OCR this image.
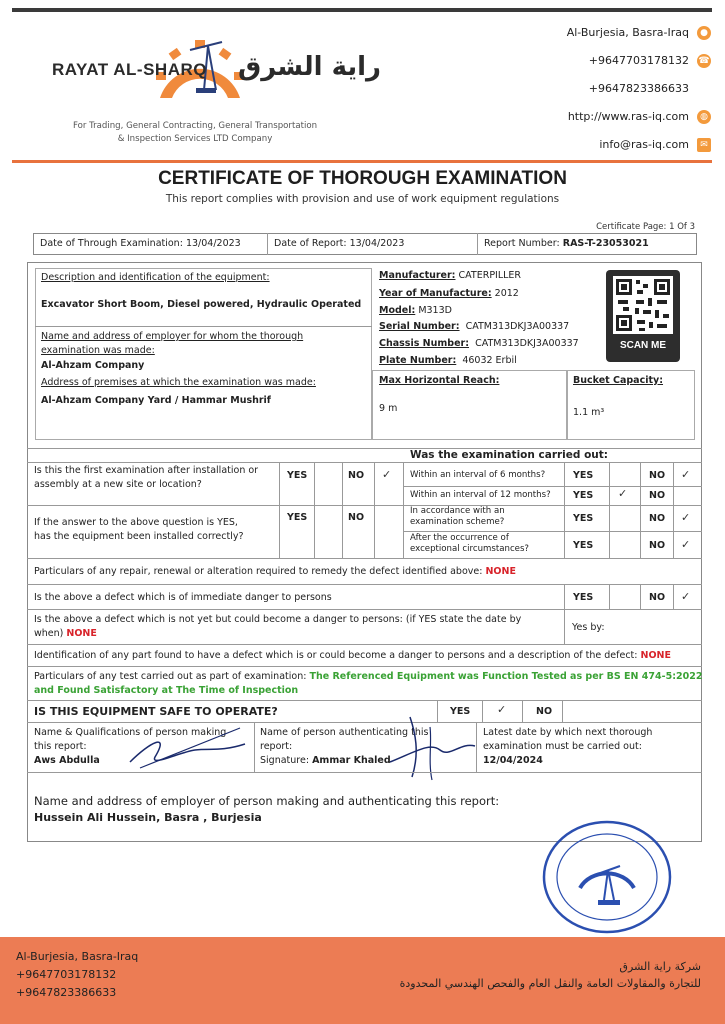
RAYAT AL-SHARQ راية الشرق
For Trading, General Contracting, General Transportation
& Inspection Services LTD Company
Al-Burjesia, Basra-Iraq ●
+9647703178132 ☎
+9647823386633
http://www.ras-iq.com ◍
info@ras-iq.com ✉
CERTIFICATE OF THOROUGH EXAMINATION
This report complies with provision and use of work equipment regulations
Certificate Page: 1 Of 3
Date of Through Examination: 13/04/2023	Date of Report: 13/04/2023	Report Number: RAS-T-23053021
Description and identification of the equipment:
Excavator Short Boom, Diesel powered, Hydraulic Operated
Name and address of employer for whom the thorough
examination was made:
Al-Ahzam Company
Address of premises at which the examination was made:
Al-Ahzam Company Yard / Hammar Mushrif
Manufacturer: CATERPILLER
Year of Manufacture: 2012
Model: M313D
Serial Number: CATM313DKJ3A00337
Chassis Number: CATM313DKJ3A00337
Plate Number: 46032 Erbil
Max Horizontal Reach:
9 m
Bucket Capacity:
1.1 m³
SCAN ME
Was the examination carried out:
Is this the first examination after installation or
assembly at a new site or location?
YES	NO ✓
If the answer to the above question is YES,
has the equipment been installed correctly?
YES	NO
Within an interval of 6 months?	YES	NO ✓
Within an interval of 12 months? YES ✓ NO
In accordance with an
examination scheme?	YES	NO ✓
After the occurrence of
exceptional circumstances?	YES	NO ✓
Particulars of any repair, renewal or alteration required to remedy the defect identified above: NONE
Is the above a defect which is of immediate danger to persons	YES	NO ✓
Is the above a defect which is not yet but could become a danger to persons: (if YES state the date by
when) NONE
Yes by:
Identification of any part found to have a defect which is or could become a danger to persons and a description of the defect: NONE
Particulars of any test carried out as part of examination: The Referenced Equipment was Function Tested as per BS EN 474-5:2022
and Found Satisfactory at The Time of Inspection
IS THIS EQUIPMENT SAFE TO OPERATE?	YES ✓	NO
Name & Qualifications of person making
this report:
Aws Abdulla
Name of person authenticating this
report:
Signature: Ammar Khaled
Latest date by which next thorough
examination must be carried out:
12/04/2024
Name and address of employer of person making and authenticating this report:
Hussein Ali Hussein, Basra , Burjesia
Al-Burjesia, Basra-Iraq
+9647703178132
+9647823386633
شركة راية الشرق
للتجارة والمقاولات العامة والنقل العام والفحص الهندسي المحدودة
